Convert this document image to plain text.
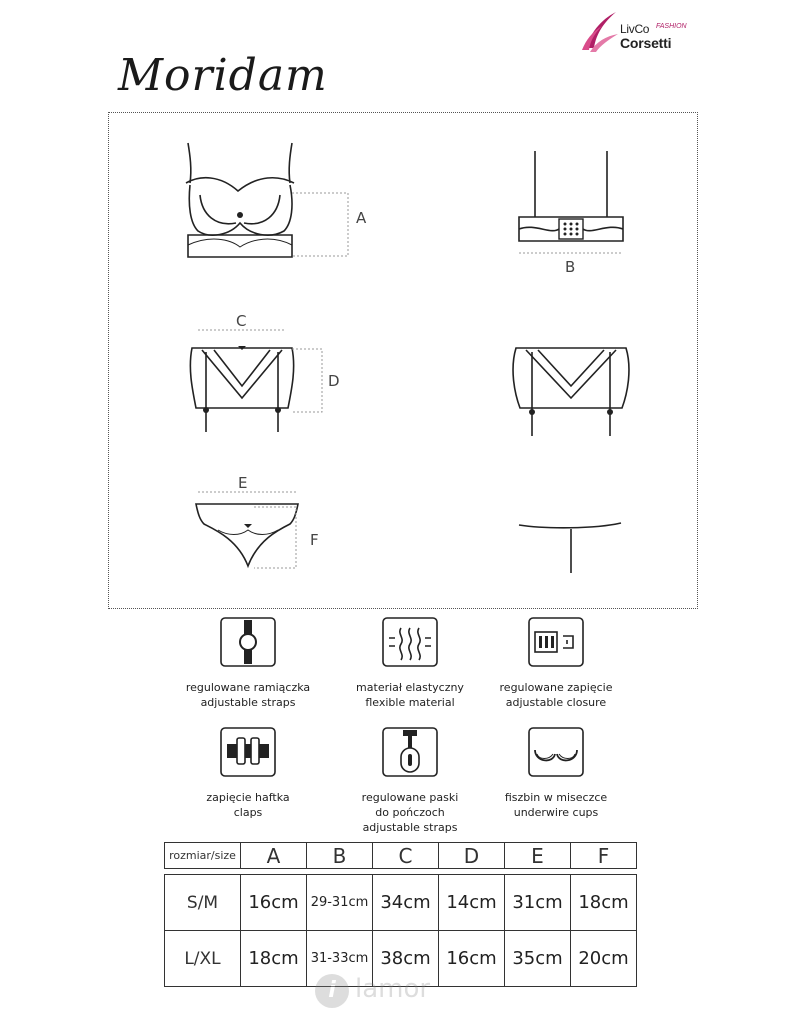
LivCo FASHION
Corsetti
Moridam
A
B
C
D
E
F
regulowane ramiączka
adjustable straps
materiał elastyczny
flexible material
regulowane zapięcie
adjustable closure
zapięcie haftka
claps
regulowane paski
do pończoch
adjustable straps
fiszbin w miseczce
underwire cups
rozmiar/size	A	B	C	D	E	F

S/M	16cm	29-31cm	34cm	14cm	31cm	18cm
L/XL	18cm	31-33cm	38cm	16cm	35cm	20cm
i lamor
